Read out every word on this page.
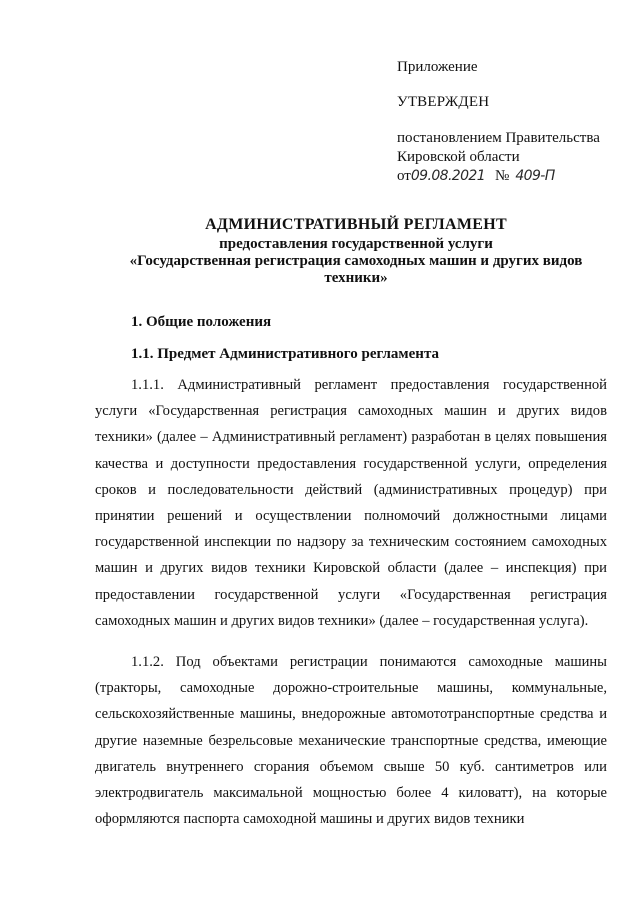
Приложение

УТВЕРЖДЕН

постановлением Правительства

Кировской области

от09.08.2021 № 409-П

АДМИНИСТРАТИВНЫЙ РЕГЛАМЕНТ

предоставления государственной услуги

«Государственная регистрация самоходных машин и других видов техники»

1. Общие положения

1.1. Предмет Административного регламента

1.1.1. Административный регламент предоставления государственной услуги «Государственная регистрация самоходных машин и других видов техники» (далее – Административный регламент) разработан в целях повышения качества и доступности предоставления государственной услуги, определения сроков и последовательности действий (административных процедур) при принятии решений и осуществлении полномочий должностными лицами государственной инспекции по надзору за техническим состоянием самоходных машин и других видов техники Кировской области (далее – инспекция) при предоставлении государственной услуги «Государственная регистрация самоходных машин и других видов техники» (далее – государственная услуга).

1.1.2. Под объектами регистрации понимаются самоходные машины (тракторы, самоходные дорожно-строительные машины, коммунальные, сельскохозяйственные машины, внедорожные автомототранспортные средства и другие наземные безрельсовые механические транспортные средства, имеющие двигатель внутреннего сгорания объемом свыше 50 куб. сантиметров или электродвигатель максимальной мощностью более 4 киловатт), на которые оформляются паспорта самоходной машины и других видов техники
